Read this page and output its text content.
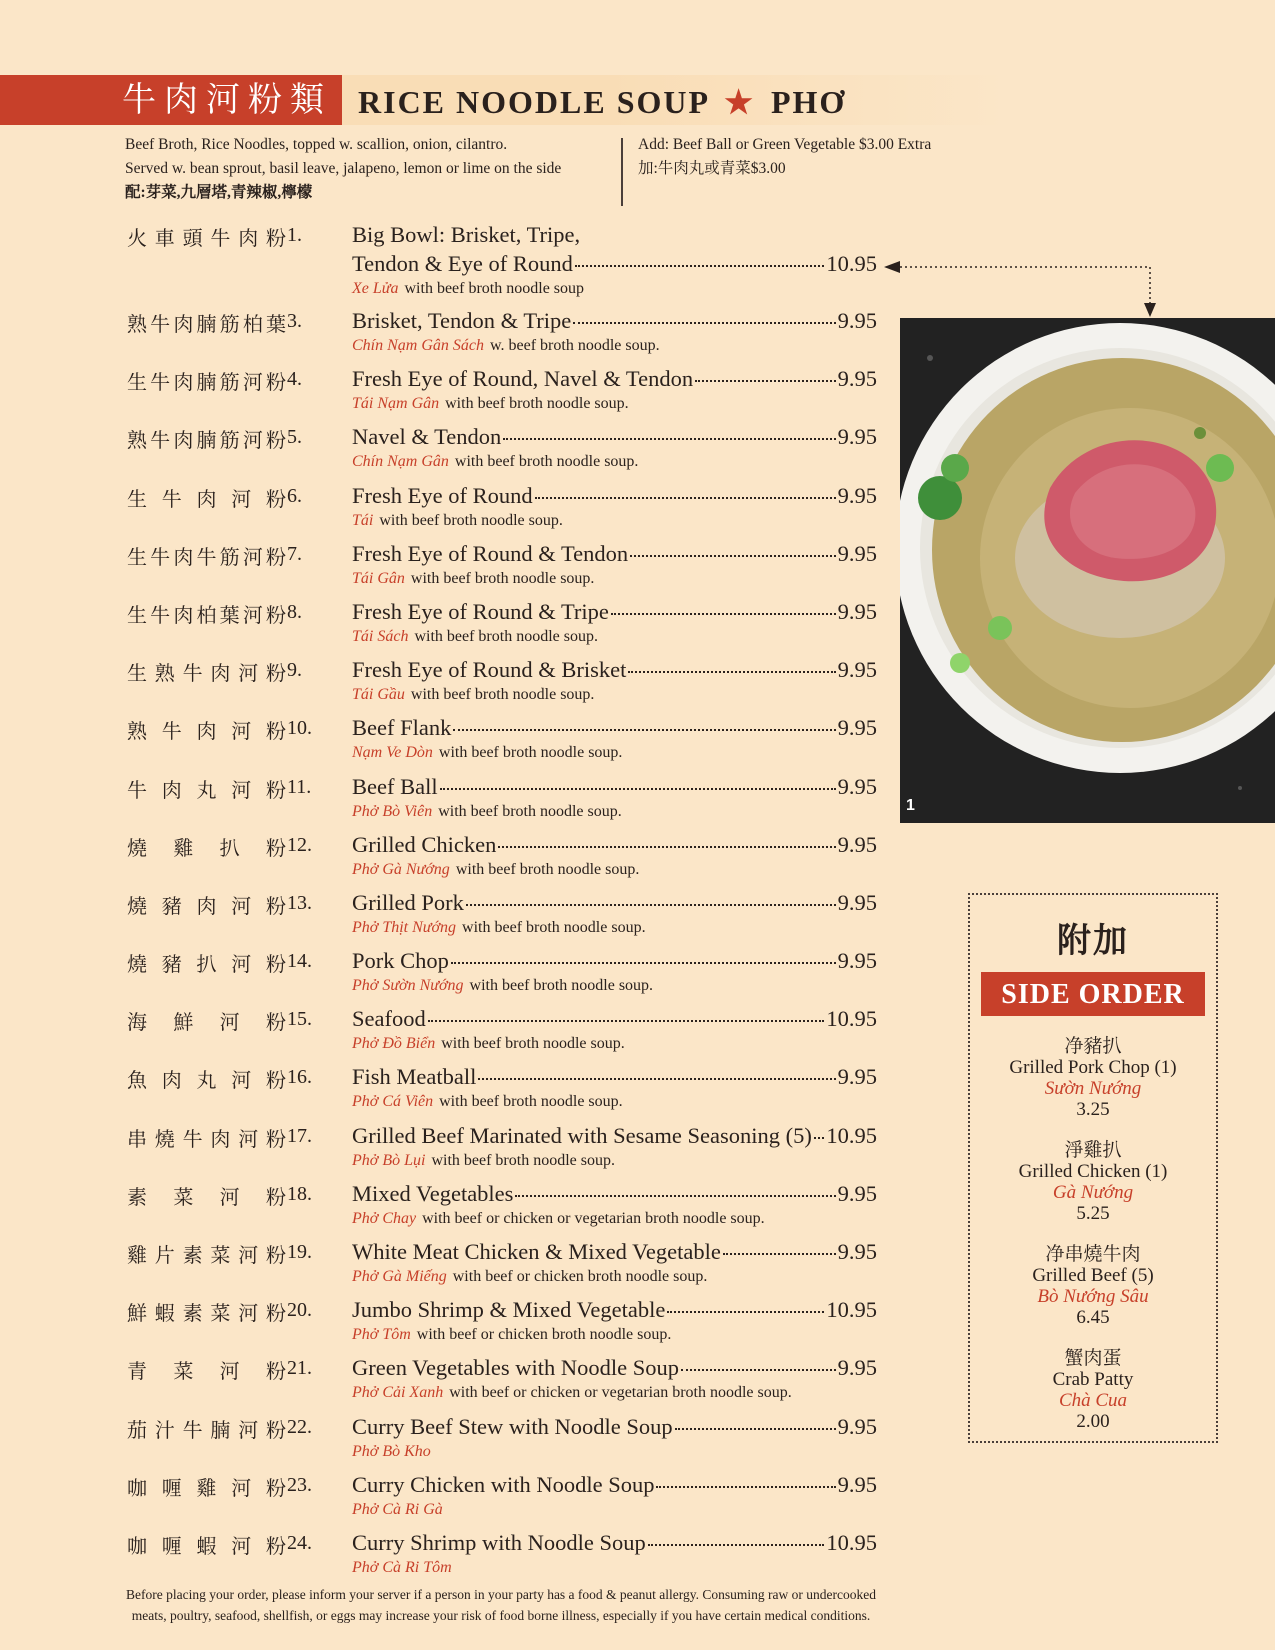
牛肉河粉類 RICE NOODLE SOUP ★ PHƠ
Beef Broth, Rice Noodles, topped w. scallion, onion, cilantro.
Served w. bean sprout, basil leave, jalapeno, lemon or lime on the side
配:芽菜,九層塔,青辣椒,檸檬
Add: Beef Ball or Green Vegetable $3.00 Extra
加:牛肉丸或青菜$3.00
火車頭牛肉粉 1.	Big Bowl: Brisket, Tripe,
Tendon & Eye of Round	10.95
Xe Lửa with beef broth noodle soup
熟牛肉腩筋柏葉 3.	Brisket, Tendon & Tripe	9.95
Chín Nạm Gân Sách w. beef broth noodle soup.
生牛肉腩筋河粉 4.	Fresh Eye of Round, Navel & Tendon	9.95
Tái Nạm Gân with beef broth noodle soup.
熟牛肉腩筋河粉 5.	Navel & Tendon	9.95
Chín Nạm Gân with beef broth noodle soup.
生牛肉河粉 6.	Fresh Eye of Round	9.95
Tái with beef broth noodle soup.
生牛肉牛筋河粉 7.	Fresh Eye of Round & Tendon	9.95
Tái Gân with beef broth noodle soup.
生牛肉柏葉河粉 8.	Fresh Eye of Round & Tripe	9.95
Tái Sách with beef broth noodle soup.
生熟牛肉河粉 9.	Fresh Eye of Round & Brisket	9.95
Tái Gầu with beef broth noodle soup.
熟牛肉河粉 10.	Beef Flank	9.95
Nạm Ve Dòn with beef broth noodle soup.
牛肉丸河粉 11.	Beef Ball	9.95
Phở Bò Viên with beef broth noodle soup.
燒雞扒粉 12.	Grilled Chicken	9.95
Phở Gà Nướng with beef broth noodle soup.
燒豬肉河粉 13.	Grilled Pork	9.95
Phở Thịt Nướng with beef broth noodle soup.
燒豬扒河粉 14.	Pork Chop	9.95
Phở Sườn Nướng with beef broth noodle soup.
海鮮河粉 15.	Seafood	10.95
Phở Đồ Biển with beef broth noodle soup.
魚肉丸河粉 16.	Fish Meatball	9.95
Phở Cá Viên with beef broth noodle soup.
串燒牛肉河粉 17.	Grilled Beef Marinated with Sesame Seasoning (5) 10.95
Phở Bò Lụi with beef broth noodle soup.
素菜河粉 18.	Mixed Vegetables	9.95
Phở Chay with beef or chicken or vegetarian broth noodle soup.
雞片素菜河粉 19.	White Meat Chicken & Mixed Vegetable	9.95
Phở Gà Miếng with beef or chicken broth noodle soup.
鮮蝦素菜河粉 20.	Jumbo Shrimp & Mixed Vegetable	10.95
Phở Tôm with beef or chicken broth noodle soup.
青菜河粉 21.	Green Vegetables with Noodle Soup	9.95
Phở Cải Xanh with beef or chicken or vegetarian broth noodle soup.
茄汁牛腩河粉 22.	Curry Beef Stew with Noodle Soup	9.95
Phở Bò Kho
咖喱雞河粉 23.	Curry Chicken with Noodle Soup	9.95
Phở Cà Ri Gà
咖喱蝦河粉 24.	Curry Shrimp with Noodle Soup	10.95
Phở Cà Ri Tôm
1
附加
SIDE ORDER
净豬扒
Grilled Pork Chop (1)
Sườn Nướng
3.25
淨雞扒
Grilled Chicken (1)
Gà Nướng
5.25
净串燒牛肉
Grilled Beef (5)
Bò Nướng Sâu
6.45
蟹肉蛋
Crab Patty
Chà Cua
2.00
Before placing your order, please inform your server if a person in your party has a food & peanut allergy. Consuming raw or undercooked
meats, poultry, seafood, shellfish, or eggs may increase your risk of food borne illness, especially if you have certain medical conditions.
